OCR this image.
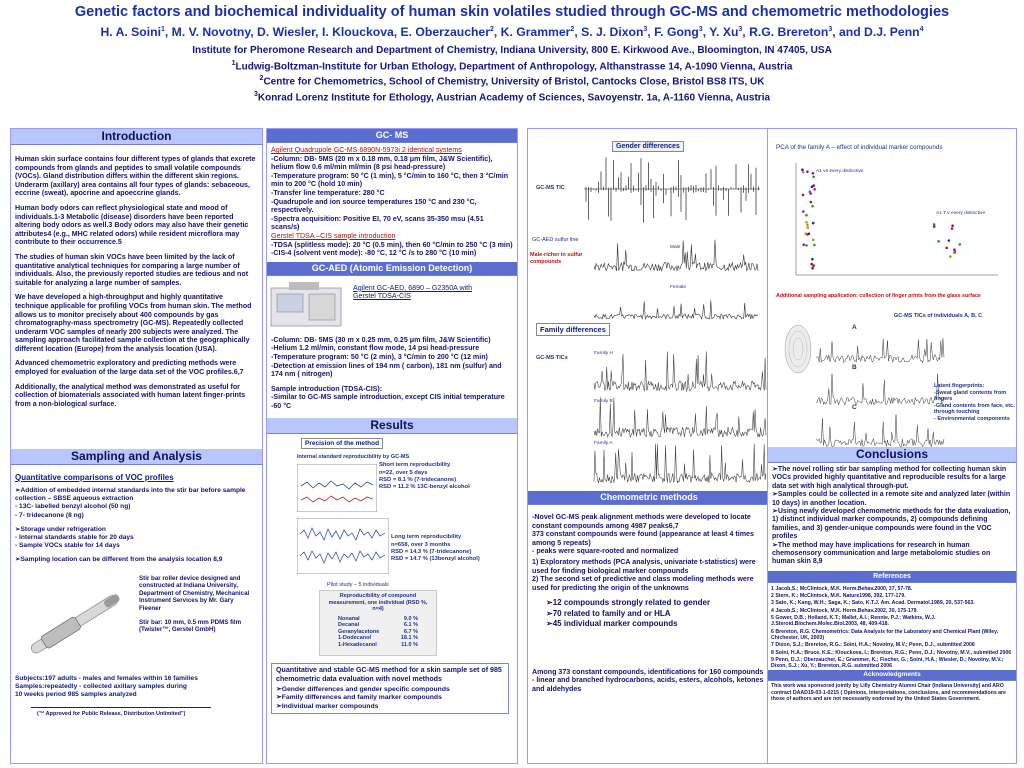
Genetic factors and biochemical individuality of human skin volatiles studied through GC-MS and chemometric methodologies
H. A. Soini$^1$, M. V. Novotny, D. Wiesler, I. Klouckova, E. Oberzaucher$^2$, K. Grammer$^2$, S. J. Dixon$^3$, F. Gong$^3$, Y. Xu$^3$, R.G. Brereton$^3$, and D.J. Penn$^4$
Institute for Pheromone Research and Department of Chemistry, Indiana University, 800 E. Kirkwood Ave., Bloomington, IN 47405, USA
$^1$Ludwig-Boltzman-Institute for Urban Ethology, Department of Anthropology, Althanstrasse 14, A-1090 Vienna, Austria
$^2$Centre for Chemometrics, School of Chemistry, University of Bristol, Cantocks Close, Bristol BS8 ITS, UK
$^3$Konrad Lorenz Institute for Ethology, Austrian Academy of Sciences, Savoyenstr. 1a, A-1160 Vienna, Austria
Introduction

Human skin surface contains four different types of glands that excrete compounds from glands and peptides to small volatile compounds (VOCs). Gland distribution differs within the different skin regions. Underarm (axillary) area contains all four types of glands: sebaceous, eccrine (sweat), apocrine and apoeccrine glands.

Human body odors can reflect physiological state and mood of individuals.1-3 Metabolic (disease) disorders have been reported altering body odors as well.3 Body odors may also have their genetic attributes4 (e.g., MHC related odors) while resident microflora may contribute to their occurrence.5

The studies of human skin VOCs have been limited by the lack of quantitative analytical techniques for comparing a large number of individuals. Also, the previously reported studies are tedious and not suitable for analyzing a large number of samples.

We have developed a high-throughput and highly quantitative technique applicable for profiling VOCs from human skin. The method allows us to monitor precisely about 400 compounds by gas chromatography-mass spectrometry (GC-MS). Repeatedly collected underarm VOC samples of nearly 200 subjects were analyzed. The sampling approach facilitated sample collection at the geographically different location (Europe) from the analysis location (USA).

Advanced chemometric exploratory and predicting methods were employed for evaluation of the large data set of the VOC profiles.6,7

Additionally, the analytical method was demonstrated as useful for collection of biomaterials associated with human latent finger-prints from a non-biological surface.

Sampling and Analysis
Quantitative comparisons of VOC profiles
➢Addition of embedded internal standards into the stir bar before sample collection – SBSE aqueous extraction
- 13C- labelled benzyl alcohol (50 ng)
- 7- tridecanone (8 ng)
➢Storage under refrigeration
- Internal standards stable for 20 days
- Sample VOCs stable for 14 days
➢Sampling location can be different from the analysis location 8,9
Stir bar roller device designed and constructed at Indiana University, Department of Chemistry, Mechanical Instrument Services by Mr. Gary Fleener
Stir bar: 10 mm, 0.5 mm PDMS film (Twister™, Gerstel GmbH)
Subjects:197 adults - males and females within 16 families
Samples:repeatedly - collected axillary samples during
10 weeks period 985 samples analyzed
(™ Approved for Public Release, Distribution Unlimited")
GC- MS
Agilent Quadrupole GC-MS 6890N-5973i 2 identical systems
-Column: DB- 5MS (20 m x 0.18 mm, 0.18 μm film, J&W Scientific), helium flow 0.6 ml/min ml/min (8 psi head-pressure)
-Temperature program: 50 °C (1 min), 5 °C/min to 160 °C, then 3 °C/min min to 200 °C (hold 10 min)
-Transfer line temperature: 280 °C
-Quadrupole and ion source temperatures 150 °C and 230 °C, respectively.
-Spectra acquisition: Positive EI, 70 eV, scans 35-350 msu (4.51 scans/s)
Gerstel TDSA –CIS sample introduction
-TDSA (splitless mode): 20 °C (0.5 min), then 60 °C/min to 250 °C (3 min)
-CIS-4 (solvent vent mode): -80 °C, 12 °C /s to 280 °C (10 min)
GC-AED (Atomic Emission Detection)
Agilent GC-AED, 6890 – G2350A with Gerstel TDSA-CIS
-Column: DB- 5MS (30 m x 0.25 mm, 0.25 μm film, J&W Scientific)
-Helium 1.2 ml/min, constant flow mode, 14 psi head-pressure
-Temperature program: 50 °C (2 min), 3 °C/min to 200 °C (12 min)
-Detection at emission lines of 194 nm ( carbon), 181 nm (sulfur) and 174 nm ( nitrogen)
Sample introduction (TDSA-CIS):
-Similar to GC-MS sample introduction, except CIS initial temperature -60 °C
Results
Precision of the method
Internal standard reproducibility by GC-MS
Short term reproducibility
n=22, over 5 days
RSD = 8.1 % (7-tridecanone)
RSD = 11.2 % 13C-benzyl alcohol
Long term reproducibility
n=658, over 3 months
RSD = 14.3 % (7-tridecanone)
RSD = 14.7 % (13benzyl alcohol)
Pilot study – 5 individuals
Reproducibility of compound measurement, one individual (RSD %, n=4)
Nonanal	9.0 %
Decanal	6.1 %
Geranylacetone	6.7 %
1-Dodecanol	18.1 %
1-Hexadecanol	11.0 %
Quantitative and stable GC-MS method for a skin sample set of 985 chemometric data evaluation with novel methods
➢Gender differences and gender specific compounds
➢Family differences and family marker compounds
➢Individual marker compounds
Gender differences
GC-MS TIC
GC-AED sulfur line
Male-richer in sulfur compounds
Male
Female
Family differences
GC-MS TICs
Family H
Family B
Family A
Chemometric methods
-Novel GC-MS peak alignment methods were developed to locate constant compounds among 4987 peaks6,7
373 constant compounds were found (appearance at least 4 times among 5 repeats)
- peaks were square-rooted and normalized
1) Exploratory methods (PCA analysis, univariate t-statistics) were used for finding biological marker compounds
2) The second set of predictive and class modeling methods were used for predicting the origin of the unknowns
➢12 compounds strongly related to gender
➢70 related to family and or HLA
➢45 individual marker compounds
Among 373 constant compounds, identifications for 160 compounds
- linear and branched hydrocarbons, acids, esters, alcohols, ketones and aldehydes
PCA of the family A – effect of individual marker compounds
A1 vs every distinctive
A1 T v every distinctive
Additional sampling application: collection of finger prints from the glass surface
GC-MS TICs of individuals A, B, C
A
B
C
Latent fingerprints:
-Sweat gland contents from fingers
-Gland contents from face, etc. through touching
- Environmental components
Conclusions
➢The novel rolling stir bar sampling method for collecting human skin VOCs provided highly quantitative and reproducible results for a large data set with high analytical through-put.
➢Samples could be collected in a remote site and analyzed later (within 10 days) in another location.
➢Using newly developed chemometric methods for the data evaluation, 1) distinct individual marker compounds, 2) compounds defining families, and 3) gender-unique compounds were found in the VOC profiles
➢The method may have implications for research in human chemosensory communication and large metabolomic studies on human skin 8,9
References
1 Jacob,S.; McClintock, M.K. Horm.Behav.2000, 37, 57-78.
2 Stern, K.; McClintock, M.K. Nature1998, 392, 177-179.
3 Sato, K.; Kang, W.H.; Saga, K.; Sato, K.T.J. Am. Acad. Dermatol.1989, 20, 537-563.
4 Jacob,S.; McClintock, M.K. Horm.Behav.2002, 30, 175-179.
5 Gower, D.B.; Holland, K.T.; Mallet, A.I.; Rennie, P.J.; Watkins, W.J. J.Steroid.Biochem.Molec.Biol.2003, 48, 409-418.
6 Brereton, R.G. Chemometrics: Data Analysis for the Laboratory and Chemical Plant (Wiley, Chichester, UK, 2003)
7 Dixon, S.J.; Brereton, R.G.; Soini, H.A.; Novotny, M.V.; Penn, D.J., submitted 2006
8 Soini, H.A.; Bruce, K.E.; Klouckova, I.; Brereton, R.G.; Penn, D.J.; Novotny, M.V., submitted 2006
9 Penn, D.J.; Oberzaucher, E.; Grammer, K.; Fischer, G.; Soini, H.A.; Wiesler, D.; Novotny, M.V.; Dixon, S.J.; Xu, Y.; Brereton, R.G. submitted 2006
Acknowledgments
This work was sponsored jointly by Lilly Chemistry Alumni Chair (Indiana University) and ARO contract DAAD19-03-1-0215 ( Opinions, interpretations, conclusions, and recommendations are those of authors and are not necessarily endorsed by the United States Government.
